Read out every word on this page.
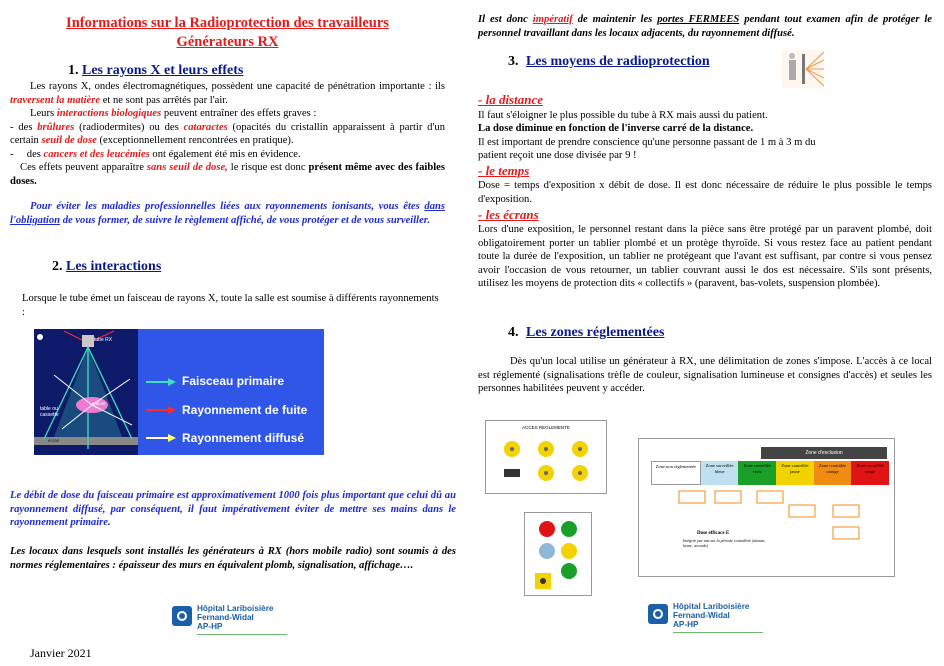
Informations sur la Radioprotection des travailleurs
Générateurs RX
1. Les rayons X et leurs effets

Les rayons X, ondes électromagnétiques, possèdent une capacité de pénétration importante : ils traversent la matière et ne sont pas arrêtés par l'air.

Leurs interactions biologiques peuvent entraîner des effets graves :

- des brûlures (radiodermites) ou des cataractes (opacités du cristallin apparaissent à partir d'un certain seuil de dose (exceptionnellement rencontrées en pratique).

-     des cancers et des leucémies ont également été mis en évidence.

Ces effets peuvent apparaître sans seuil de dose, le risque est donc présent même avec des faibles doses.

Pour éviter les maladies professionnelles liées aux rayonnements ionisants, vous êtes dans l'obligation de vous former, de suivre le règlement affiché, de vous protéger et de vous surveiller.

2. Les interactions

Lorsque le tube émet un faisceau de rayons X, toute la salle est soumise à différents rayonnements :

tube RX
patient
table ou cassette
écran
Faisceau primaire
Rayonnement de fuite
Rayonnement diffusé

Le débit de dose du faisceau primaire est approximativement 1000 fois plus important que celui dû au rayonnement diffusé, par conséquent, il faut impérativement éviter de mettre ses mains dans le rayonnement primaire.

Les locaux dans lesquels sont installés les générateurs à RX (hors mobile radio) sont soumis à des normes réglementaires : épaisseur des murs en équivalent plomb, signalisation, affichage….

Hôpital Lariboisière
Fernand-Widal
AP-HP
Janvier 2021

Il est donc impératif de maintenir les portes FERMEES pendant tout examen afin de protéger le personnel travaillant dans les locaux adjacents, du rayonnement diffusé.

3. Les moyens de radioprotection
- la distance

Il faut s'éloigner le plus possible du tube à RX mais aussi du patient.

La dose diminue en fonction de l'inverse carré de la distance.

Il est important de prendre conscience qu'une personne passant de 1 m à 3 m du patient reçoit une dose divisée par 9 !

- le temps

Dose = temps d'exposition x débit de dose. Il est donc nécessaire de réduire le plus possible le temps d'exposition.

- les écrans

Lors d'une exposition, le personnel restant dans la pièce sans être protégé par un paravent plombé, doit obligatoirement porter un tablier plombé et un protège thyroïde. Si vous restez face au patient pendant toute la durée de l'exposition, un tablier ne protégeant que l'avant est suffisant, par contre si vous pensez avoir l'occasion de vous retourner, un tablier couvrant aussi le dos est nécessaire. S'ils sont présents, utilisez les moyens de protection dits « collectifs » (paravent, bas-volets, suspension plombée).

4. Les zones réglementées

Dès qu'un local utilise un générateur à RX, une délimitation de zones s'impose. L'accès à ce local est réglementé (signalisations trèfle de couleur, signalisation lumineuse et consignes d'accès) et seules les personnes habilitées peuvent y accéder.

ACCES REGLEMENTE
Zone d'exclusion
Zone non réglementée	Zone surveillée bleue
Zone contrôlée verte
Zone contrôlée jaune
Zone contrôlée orange
Zone contrôlée rouge
Dose efficace E
Intégrée par ans sur la période considérée (minute, heure, seconde)
Hôpital Lariboisière
Fernand-Widal
AP-HP
